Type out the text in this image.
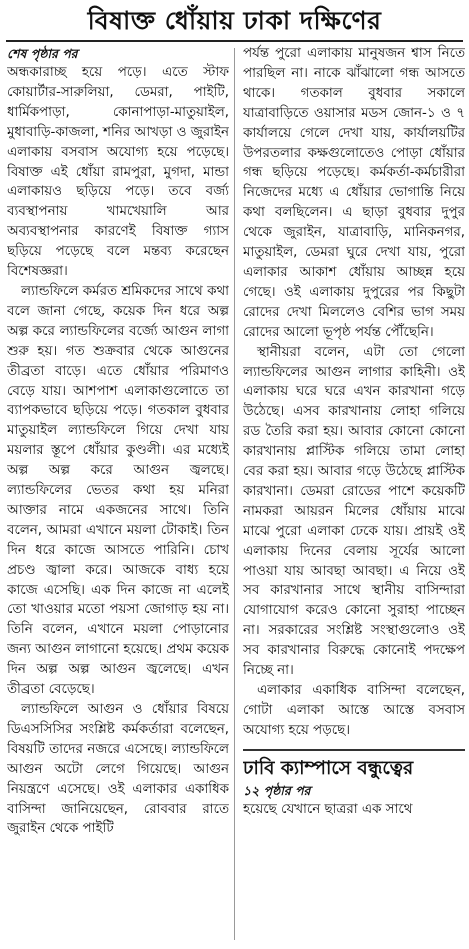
বিষাক্ত ধোঁয়ায় ঢাকা দক্ষিণের

শেষ পৃষ্ঠার পর

অন্ধকারাচ্ছ হয়ে পড়ে। এতে স্টাফ কোয়ার্টার-সারুলিয়া, ডেমরা, পাইটি, ধার্মিকপাড়া, কোনাপাড়া-মাতুয়াইল, মুধাবাড়ি-কাজলা, শনির আখড়া ও জুরাইন এলাকায় বসবাস অযোগ্য হয়ে পড়েছে। বিষাক্ত এই ধোঁয়া রামপুরা, মুগদা, মান্ডা এলাকায়ও ছড়িয়ে পড়ে। তবে বর্জ্য ব্যবস্থাপনায় খামখেয়ালি আর অব্যবস্থাপনার কারণেই বিষাক্ত গ্যাস ছড়িয়ে পড়েছে বলে মন্তব্য করেছেন বিশেষজ্ঞরা।

ল্যান্ডফিলে কর্মরত শ্রমিকদের সাথে কথা বলে জানা গেছে, কয়েক দিন ধরে অল্প অল্প করে ল্যান্ডফিলের বর্জ্যে আগুন লাগা শুরু হয়। গত শুক্রবার থেকে আগুনের তীব্রতা বাড়ে। এতে ধোঁয়ার পরিমাণও বেড়ে যায়। আশপাশ এলাকাগুলোতে তা ব্যাপকভাবে ছড়িয়ে পড়ে। গতকাল বুধবার মাতুয়াইল ল্যান্ডফিলে গিয়ে দেখা যায় ময়লার স্তূপে ধোঁয়ার কুণ্ডলী। এর মধ্যেই অল্প অল্প করে আগুন জ্বলছে। ল্যান্ডফিলের ভেতর কথা হয় মনিরা আক্তার নামে একজনের সাথে। তিনি বলেন, আমরা এখানে ময়লা টোকাই। তিন দিন ধরে কাজে আসতে পারিনি। চোখ প্রচণ্ড জ্বালা করে। আজকে বাধ্য হয়ে কাজে এসেছি। এক দিন কাজে না এলেই তো খাওয়ার মতো পয়সা জোগাড় হয় না। তিনি বলেন, এখানে ময়লা পোড়ানোর জন্য আগুন লাগানো হয়েছে। প্রথম কয়েক দিন অল্প অল্প আগুন জ্বলেছে। এখন তীব্রতা বেড়েছে।

ল্যান্ডফিলে আগুন ও ধোঁয়ার বিষয়ে ডিএসসিসির সংশ্লিষ্ট কর্মকর্তারা বলেছেন, বিষয়টি তাদের নজরে এসেছে। ল্যান্ডফিলে আগুন অটো লেগে গিয়েছে। আগুন নিয়ন্ত্রণে এসেছে। ওই এলাকার একাধিক বাসিন্দা জানিয়েছেন, রোববার রাতে জুরাইন থেকে পাইটি

পর্যন্ত পুরো এলাকায় মানুষজন শ্বাস নিতে পারছিল না। নাকে ঝাঁঝালো গন্ধ আসতে থাকে। গতকাল বুধবার সকালে যাত্রাবাড়িতে ওয়াসার মডস জোন-১ ও ৭ কার্যালয়ে গেলে দেখা যায়, কার্যালয়টির উপরতলার কক্ষগুলোতেও পোড়া ধোঁয়ার গন্ধ ছড়িয়ে পড়েছে। কর্মকর্তা-কর্মচারীরা নিজেদের মধ্যে এ ধোঁয়ার ভোগান্তি নিয়ে কথা বলছিলেন। এ ছাড়া বুধবার দুপুর থেকে জুরাইন, যাত্রাবাড়ি, মানিকনগর, মাতুয়াইল, ডেমরা ঘুরে দেখা যায়, পুরো এলাকার আকাশ ধোঁয়ায় আচ্ছন্ন হয়ে গেছে। ওই এলাকায় দুপুরের পর কিছুটা রোদের দেখা মিললেও বেশির ভাগ সময় রোদের আলো ভূপৃষ্ঠ পর্যন্ত পৌঁছেনি।

স্থানীয়রা বলেন, এটা তো গেলো ল্যান্ডফিলের আগুন লাগার কাহিনী। ওই এলাকায় ঘরে ঘরে এখন কারখানা গড়ে উঠেছে। এসব কারখানায় লোহা গলিয়ে রড তৈরি করা হয়। আবার কোনো কোনো কারখানায় প্লাস্টিক গলিয়ে তামা লোহা বের করা হয়। আবার গড়ে উঠেছে প্লাস্টিক কারখানা। ডেমরা রোডের পাশে কয়েকটি নামকরা আয়রন মিলের ধোঁয়ায় মাঝে মাঝে পুরো এলাকা ঢেকে যায়। প্রায়ই ওই এলাকায় দিনের বেলায় সূর্যের আলো পাওয়া যায় আবছা আবছা। এ নিয়ে ওই সব কারখানার সাথে স্থানীয় বাসিন্দারা যোগাযোগ করেও কোনো সুরাহা পাচ্ছেন না। সরকারের সংশ্লিষ্ট সংস্থাগুলোও ওই সব কারখানার বিরুদ্ধে কোনোই পদক্ষেপ নিচ্ছে না।

এলাকার একাধিক বাসিন্দা বলেছেন, গোটা এলাকা আস্তে আস্তে বসবাস অযোগ্য হয়ে পড়ছে।

ঢাবি ক্যাম্পাসে বন্ধুত্বের

১২ পৃষ্ঠার পর

হয়েছে যেখানে ছাত্ররা এক সাথে
